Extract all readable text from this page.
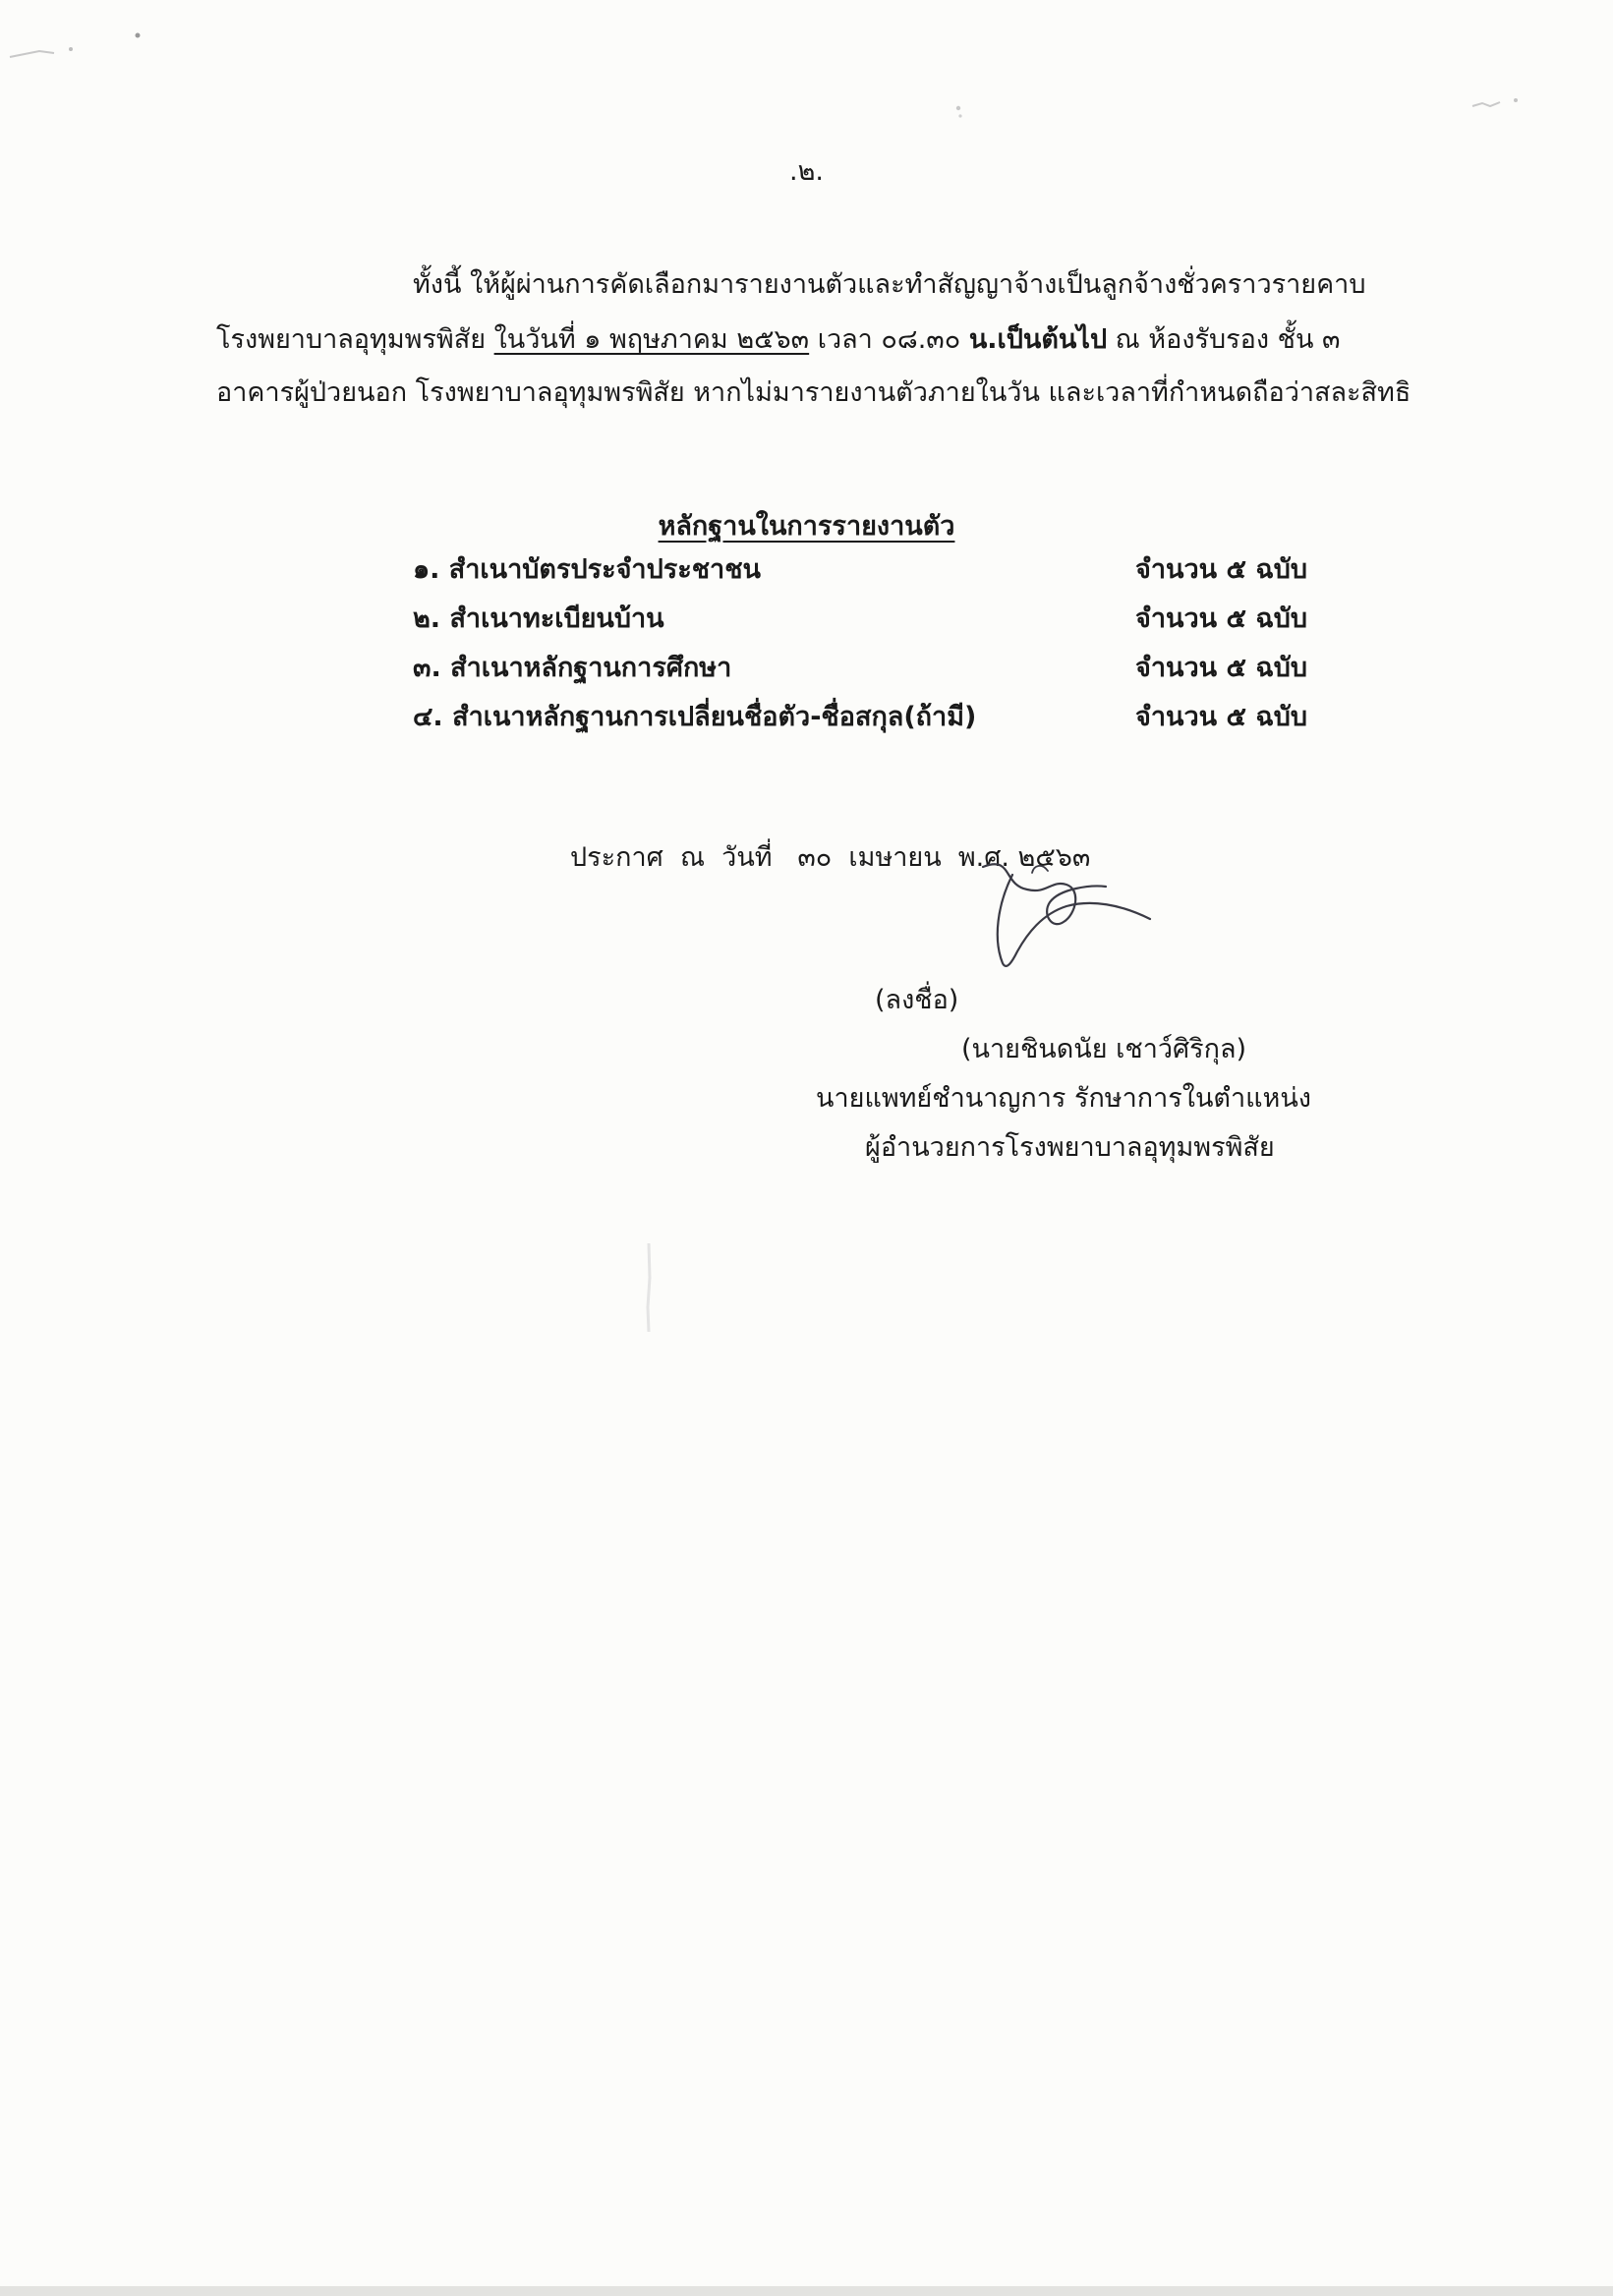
.๒.
ทั้งนี้ ให้ผู้ผ่านการคัดเลือกมารายงานตัวและทำสัญญาจ้างเป็นลูกจ้างชั่วคราวรายคาบ
โรงพยาบาลอุทุมพรพิสัย ในวันที่ ๑ พฤษภาคม ๒๕๖๓ เวลา ๐๘.๓๐ น.เป็นต้นไป ณ ห้องรับรอง ชั้น ๓
อาคารผู้ป่วยนอก โรงพยาบาลอุทุมพรพิสัย หากไม่มารายงานตัวภายในวัน และเวลาที่กำหนดถือว่าสละสิทธิ
หลักฐานในการรายงานตัว
๑. สำเนาบัตรประจำประชาชน	จำนวน ๕ ฉบับ
๒. สำเนาทะเบียนบ้าน	จำนวน ๕ ฉบับ
๓. สำเนาหลักฐานการศึกษา	จำนวน ๕ ฉบับ
๔. สำเนาหลักฐานการเปลี่ยนชื่อตัว-ชื่อสกุล(ถ้ามี)	จำนวน ๕ ฉบับ
ประกาศ  ณ  วันที่   ๓๐  เมษายน  พ.ศ. ๒๕๖๓
(ลงชื่อ)
(นายชินดนัย เชาว์ศิริกุล)
นายแพทย์ชำนาญการ รักษาการในตำแหน่ง
ผู้อำนวยการโรงพยาบาลอุทุมพรพิสัย
